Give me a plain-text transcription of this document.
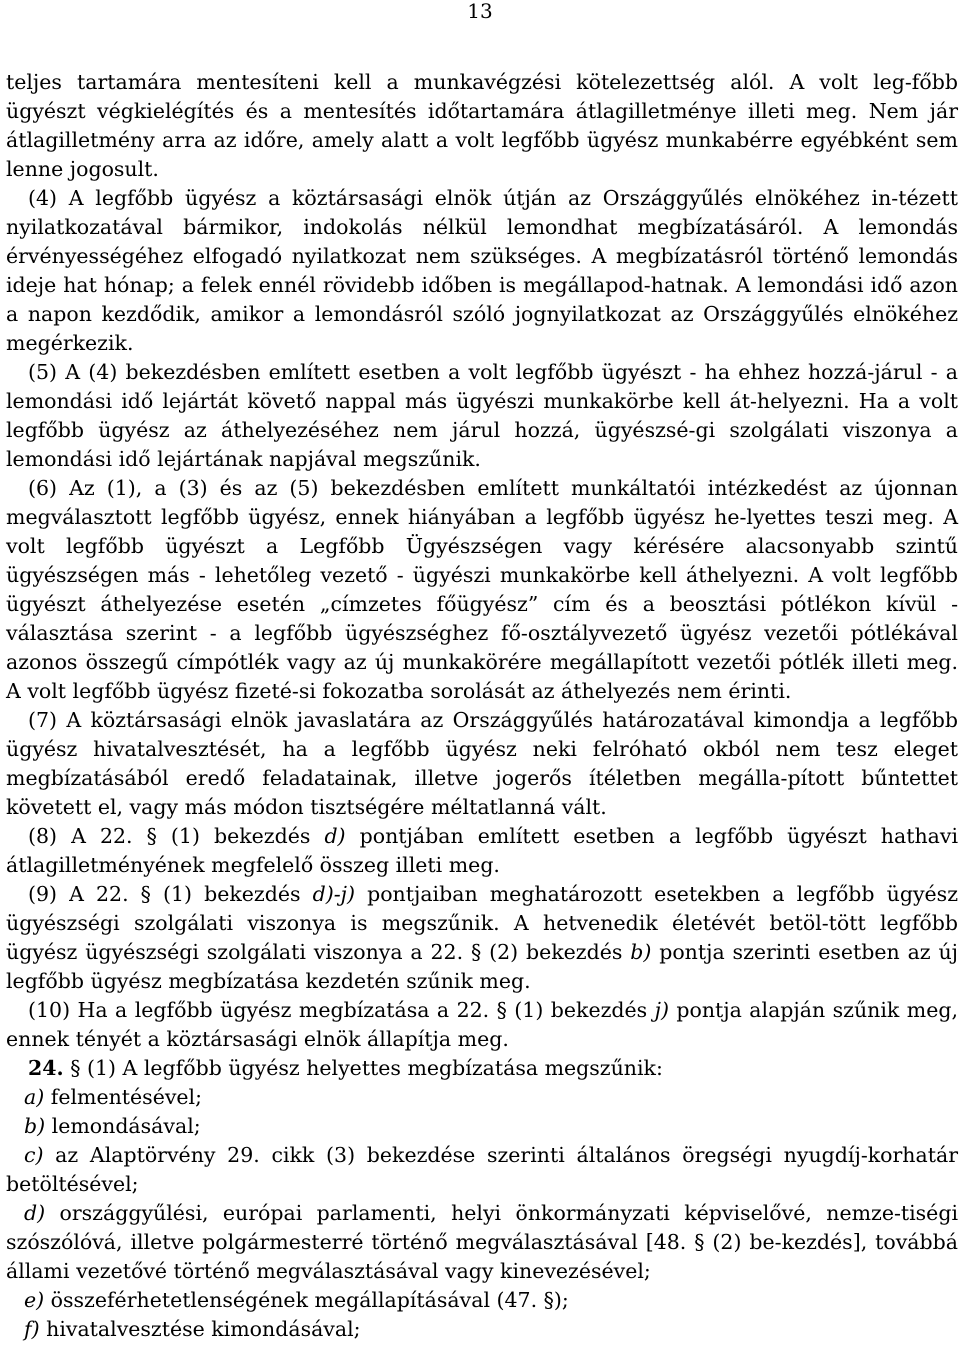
13

teljes tartamára mentesíteni kell a munkavégzési kötelezettség alól. A volt leg-főbb ügyészt végkielégítés és a mentesítés időtartamára átlagilletménye illeti meg. Nem jár átlagilletmény arra az időre, amely alatt a volt legfőbb ügyész munkabérre egyébként sem lenne jogosult.

(4) A legfőbb ügyész a köztársasági elnök útján az Országgyűlés elnökéhez in-tézett nyilatkozatával bármikor, indokolás nélkül lemondhat megbízatásáról. A lemondás érvényességéhez elfogadó nyilatkozat nem szükséges. A megbízatásról történő lemondás ideje hat hónap; a felek ennél rövidebb időben is megállapod-hatnak. A lemondási idő azon a napon kezdődik, amikor a lemondásról szóló jognyilatkozat az Országgyűlés elnökéhez megérkezik.

(5) A (4) bekezdésben említett esetben a volt legfőbb ügyészt - ha ehhez hozzá-járul - a lemondási idő lejártát követő nappal más ügyészi munkakörbe kell át-helyezni. Ha a volt legfőbb ügyész az áthelyezéséhez nem járul hozzá, ügyészsé-gi szolgálati viszonya a lemondási idő lejártának napjával megszűnik.

(6) Az (1), a (3) és az (5) bekezdésben említett munkáltatói intézkedést az újonnan megválasztott legfőbb ügyész, ennek hiányában a legfőbb ügyész he-lyettes teszi meg. A volt legfőbb ügyészt a Legfőbb Ügyészségen vagy kérésére alacsonyabb szintű ügyészségen más - lehetőleg vezető - ügyészi munkakörbe kell áthelyezni. A volt legfőbb ügyészt áthelyezése esetén „címzetes főügyész” cím és a beosztási pótlékon kívül - választása szerint - a legfőbb ügyészséghez fő-osztályvezető ügyész vezetői pótlékával azonos összegű címpótlék vagy az új munkakörére megállapított vezetői pótlék illeti meg. A volt legfőbb ügyész fizeté-si fokozatba sorolását az áthelyezés nem érinti.

(7) A köztársasági elnök javaslatára az Országgyűlés határozatával kimondja a legfőbb ügyész hivatalvesztését, ha a legfőbb ügyész neki felróható okból nem tesz eleget megbízatásából eredő feladatainak, illetve jogerős ítéletben megálla-pított bűntettet követett el, vagy más módon tisztségére méltatlanná vált.

(8) A 22. § (1) bekezdés d) pontjában említett esetben a legfőbb ügyészt hathavi átlagilletményének megfelelő összeg illeti meg.

(9) A 22. § (1) bekezdés d)-j) pontjaiban meghatározott esetekben a legfőbb ügyész ügyészségi szolgálati viszonya is megszűnik. A hetvenedik életévét betöl-tött legfőbb ügyész ügyészségi szolgálati viszonya a 22. § (2) bekezdés b) pontja szerinti esetben az új legfőbb ügyész megbízatása kezdetén szűnik meg.

(10) Ha a legfőbb ügyész megbízatása a 22. § (1) bekezdés j) pontja alapján szűnik meg, ennek tényét a köztársasági elnök állapítja meg.

24. § (1) A legfőbb ügyész helyettes megbízatása megszűnik:

a) felmentésével;

b) lemondásával;

c) az Alaptörvény 29. cikk (3) bekezdése szerinti általános öregségi nyugdíj-korhatár betöltésével;

d) országgyűlési, európai parlamenti, helyi önkormányzati képviselővé, nemze-tiségi szószólóvá, illetve polgármesterré történő megválasztásával [48. § (2) be-kezdés], továbbá állami vezetővé történő megválasztásával vagy kinevezésével;

e) összeférhetetlenségének megállapításával (47. §);

f) hivatalvesztése kimondásával;
